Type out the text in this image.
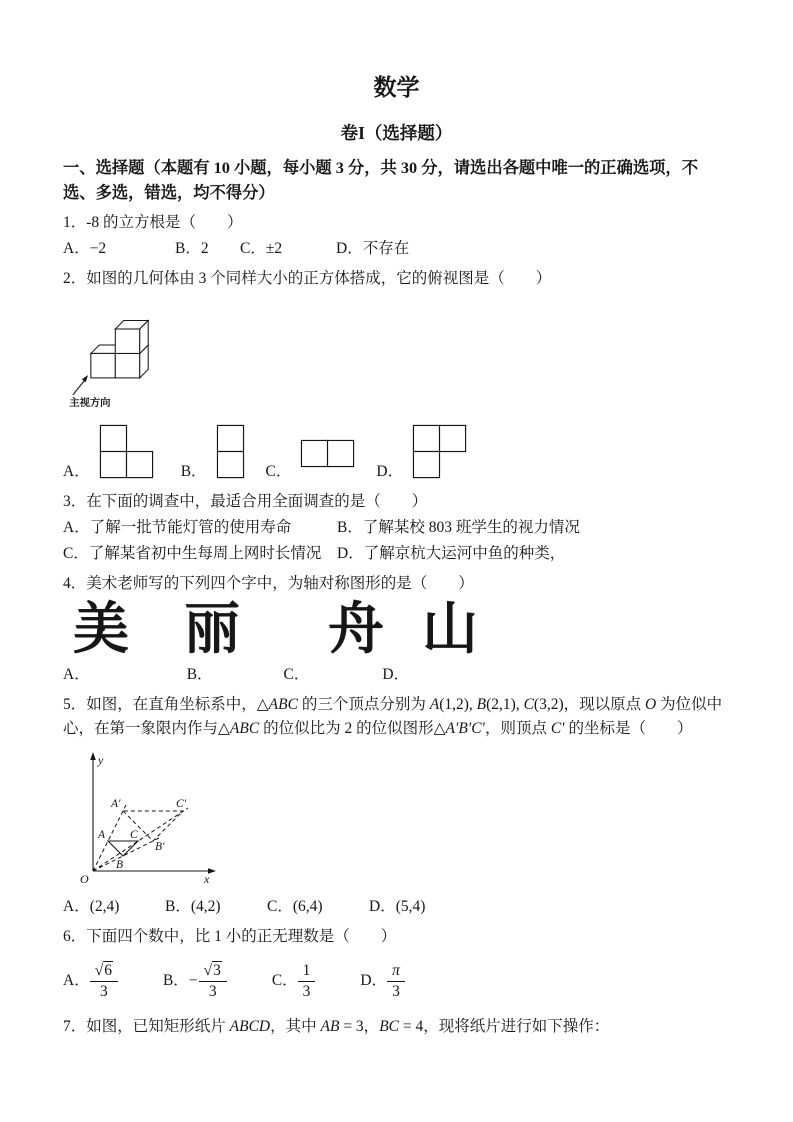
数学
卷I（选择题）

一、选择题（本题有 10 小题，每小题 3 分，共 30 分，请选出各题中唯一的正确选项，不选、多选，错选，均不得分）

1．-8 的立方根是（　　）

A．−2	B．2 C．±2	D．不存在

2．如图的几何体由 3 个同样大小的正方体搭成，它的俯视图是（　　）

主视方向
A．	B．	C．	D．

3．在下面的调查中，最适合用全面调查的是（　　）

A．了解一批节能灯管的使用寿命	B．了解某校 803 班学生的视力情况

C．了解某省初中生每周上网时长情况 D．了解京杭大运河中鱼的种类，

4．美术老师写的下列四个字中，为轴对称图形的是（　　）

美 丽 舟 山

A．	B．	C．	D．

5．如图，在直角坐标系中，△ABC 的三个顶点分别为 A(1,2), B(2,1), C(3,2)，现以原点 O 为位似中心，在第一象限内作与△ABC 的位似比为 2 的位似图形△A′B′C′，则顶点 C′ 的坐标是（　　）

y
x
O
A′	C′
B′
A C
B

A．(2,4)	B．(4,2)	C．(6,4)	D．(5,4)

6．下面四个数中，比 1 小的正无理数是（　　）

A． $\frac{√6}{3}$	B． − $\frac{√3}{3}$	C． $\frac{1}{3}$	D． $\frac{\pi}{3}$

7．如图，已知矩形纸片 ABCD，其中 AB = 3，BC = 4，现将纸片进行如下操作：
